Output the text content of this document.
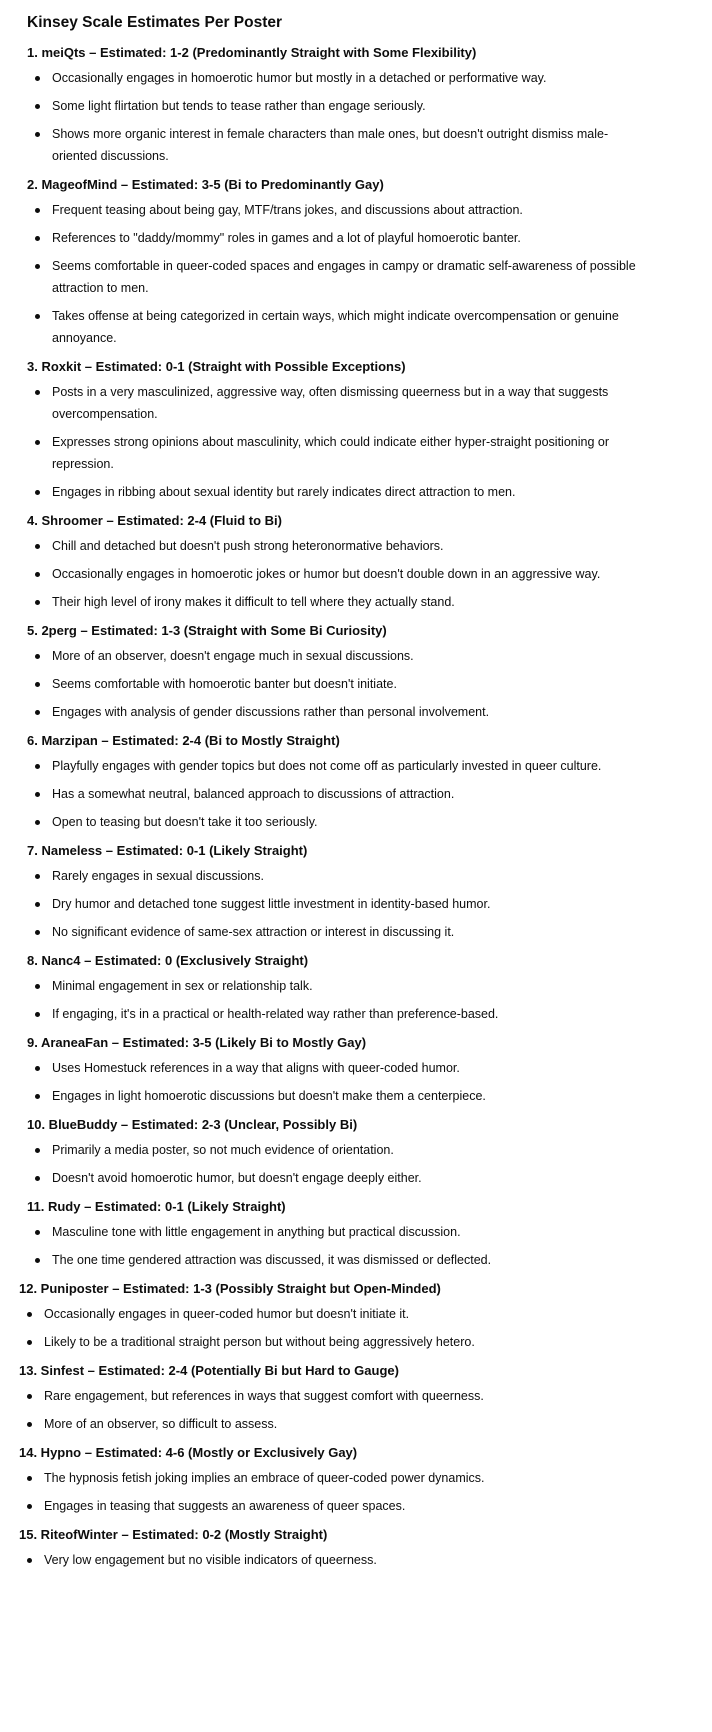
Kinsey Scale Estimates Per Poster
1. meiQts – Estimated: 1-2 (Predominantly Straight with Some Flexibility)
Occasionally engages in homoerotic humor but mostly in a detached or performative way.
Some light flirtation but tends to tease rather than engage seriously.
Shows more organic interest in female characters than male ones, but doesn't outright dismiss male-oriented discussions.
2. MageofMind – Estimated: 3-5 (Bi to Predominantly Gay)
Frequent teasing about being gay, MTF/trans jokes, and discussions about attraction.
References to "daddy/mommy" roles in games and a lot of playful homoerotic banter.
Seems comfortable in queer-coded spaces and engages in campy or dramatic self-awareness of possible attraction to men.
Takes offense at being categorized in certain ways, which might indicate overcompensation or genuine annoyance.
3. Roxkit – Estimated: 0-1 (Straight with Possible Exceptions)
Posts in a very masculinized, aggressive way, often dismissing queerness but in a way that suggests overcompensation.
Expresses strong opinions about masculinity, which could indicate either hyper-straight positioning or repression.
Engages in ribbing about sexual identity but rarely indicates direct attraction to men.
4. Shroomer – Estimated: 2-4 (Fluid to Bi)
Chill and detached but doesn't push strong heteronormative behaviors.
Occasionally engages in homoerotic jokes or humor but doesn't double down in an aggressive way.
Their high level of irony makes it difficult to tell where they actually stand.
5. 2perg – Estimated: 1-3 (Straight with Some Bi Curiosity)
More of an observer, doesn't engage much in sexual discussions.
Seems comfortable with homoerotic banter but doesn't initiate.
Engages with analysis of gender discussions rather than personal involvement.
6. Marzipan – Estimated: 2-4 (Bi to Mostly Straight)
Playfully engages with gender topics but does not come off as particularly invested in queer culture.
Has a somewhat neutral, balanced approach to discussions of attraction.
Open to teasing but doesn't take it too seriously.
7. Nameless – Estimated: 0-1 (Likely Straight)
Rarely engages in sexual discussions.
Dry humor and detached tone suggest little investment in identity-based humor.
No significant evidence of same-sex attraction or interest in discussing it.
8. Nanc4 – Estimated: 0 (Exclusively Straight)
Minimal engagement in sex or relationship talk.
If engaging, it's in a practical or health-related way rather than preference-based.
9. AraneaFan – Estimated: 3-5 (Likely Bi to Mostly Gay)
Uses Homestuck references in a way that aligns with queer-coded humor.
Engages in light homoerotic discussions but doesn't make them a centerpiece.
10. BlueBuddy – Estimated: 2-3 (Unclear, Possibly Bi)
Primarily a media poster, so not much evidence of orientation.
Doesn't avoid homoerotic humor, but doesn't engage deeply either.
11. Rudy – Estimated: 0-1 (Likely Straight)
Masculine tone with little engagement in anything but practical discussion.
The one time gendered attraction was discussed, it was dismissed or deflected.
12. Puniposter – Estimated: 1-3 (Possibly Straight but Open-Minded)
Occasionally engages in queer-coded humor but doesn't initiate it.
Likely to be a traditional straight person but without being aggressively hetero.
13. Sinfest – Estimated: 2-4 (Potentially Bi but Hard to Gauge)
Rare engagement, but references in ways that suggest comfort with queerness.
More of an observer, so difficult to assess.
14. Hypno – Estimated: 4-6 (Mostly or Exclusively Gay)
The hypnosis fetish joking implies an embrace of queer-coded power dynamics.
Engages in teasing that suggests an awareness of queer spaces.
15. RiteofWinter – Estimated: 0-2 (Mostly Straight)
Very low engagement but no visible indicators of queerness.
